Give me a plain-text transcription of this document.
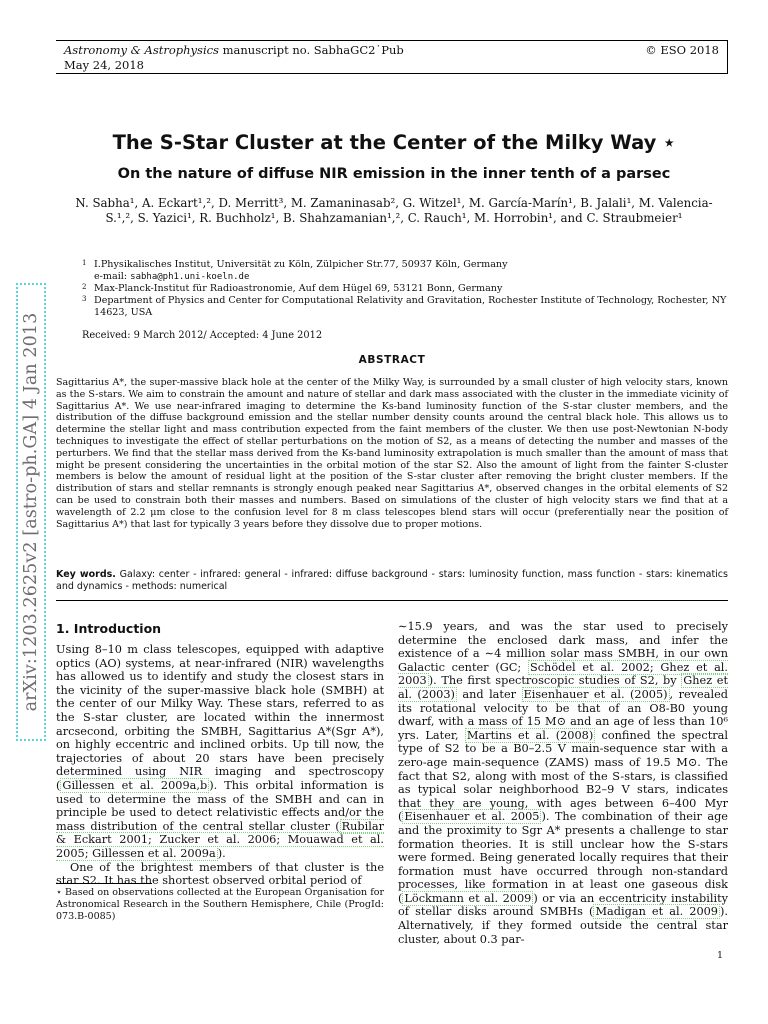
Astronomy & Astrophysics manuscript no. SabhaGC2˙Pub
May 24, 2018
© ESO 2018
arXiv:1203.2625v2 [astro-ph.GA] 4 Jan 2013
The S-Star Cluster at the Center of the Milky Way ⋆
On the nature of diffuse NIR emission in the inner tenth of a parsec

N. Sabha¹, A. Eckart¹,², D. Merritt³, M. Zamaninasab², G. Witzel¹, M. García-Marín¹, B. Jalali¹, M. Valencia-S.¹,², S. Yazici¹, R. Buchholz¹, B. Shahzamanian¹,², C. Rauch¹, M. Horrobin¹, and C. Straubmeier¹

1 I.Physikalisches Institut, Universität zu Köln, Zülpicher Str.77, 50937 Köln, Germany
e-mail: sabha@ph1.uni-koeln.de
2 Max-Planck-Institut für Radioastronomie, Auf dem Hügel 69, 53121 Bonn, Germany
3 Department of Physics and Center for Computational Relativity and Gravitation, Rochester Institute of Technology, Rochester, NY 14623, USA
Received: 9 March 2012/ Accepted: 4 June 2012
ABSTRACT

Sagittarius A*, the super-massive black hole at the center of the Milky Way, is surrounded by a small cluster of high velocity stars, known as the S-stars. We aim to constrain the amount and nature of stellar and dark mass associated with the cluster in the immediate vicinity of Sagittarius A*. We use near-infrared imaging to determine the Ks-band luminosity function of the S-star cluster members, and the distribution of the diffuse background emission and the stellar number density counts around the central black hole. This allows us to determine the stellar light and mass contribution expected from the faint members of the cluster. We then use post-Newtonian N-body techniques to investigate the effect of stellar perturbations on the motion of S2, as a means of detecting the number and masses of the perturbers. We find that the stellar mass derived from the Ks-band luminosity extrapolation is much smaller than the amount of mass that might be present considering the uncertainties in the orbital motion of the star S2. Also the amount of light from the fainter S-cluster members is below the amount of residual light at the position of the S-star cluster after removing the bright cluster members. If the distribution of stars and stellar remnants is strongly enough peaked near Sagittarius A*, observed changes in the orbital elements of S2 can be used to constrain both their masses and numbers. Based on simulations of the cluster of high velocity stars we find that at a wavelength of 2.2 μm close to the confusion level for 8 m class telescopes blend stars will occur (preferentially near the position of Sagittarius A*) that last for typically 3 years before they dissolve due to proper motions.

Key words. Galaxy: center - infrared: general - infrared: diffuse background - stars: luminosity function, mass function - stars: kinematics and dynamics - methods: numerical

1. Introduction

Using 8–10 m class telescopes, equipped with adaptive optics (AO) systems, at near-infrared (NIR) wavelengths has allowed us to identify and study the closest stars in the vicinity of the super-massive black hole (SMBH) at the center of our Milky Way. These stars, referred to as the S-star cluster, are located within the innermost arcsecond, orbiting the SMBH, Sagittarius A*(Sgr A*), on highly eccentric and inclined orbits. Up till now, the trajectories of about 20 stars have been precisely determined using NIR imaging and spectroscopy ( Gillessen et al. 2009a,b ). This orbital information is used to determine the mass of the SMBH and can in principle be used to detect relativistic effects and/or the mass distribution of the central stellar cluster ( Rubilar & Eckart 2001; Zucker et al. 2006; Mouawad et al. 2005; Gillessen et al. 2009a ).

One of the brightest members of that cluster is the star S2. It has the shortest observed orbital period of

∼15.9 years, and was the star used to precisely determine the enclosed dark mass, and infer the existence of a ∼4 million solar mass SMBH, in our own Galactic center (GC; Schödel et al. 2002; Ghez et al. 2003 ). The first spectroscopic studies of S2, by Ghez et al. (2003) and later Eisenhauer et al. (2005) , revealed its rotational velocity to be that of an O8-B0 young dwarf, with a mass of 15 M⊙ and an age of less than 10⁶ yrs. Later, Martins et al. (2008) confined the spectral type of S2 to be a B0–2.5 V main-sequence star with a zero-age main-sequence (ZAMS) mass of 19.5 M⊙. The fact that S2, along with most of the S-stars, is classified as typical solar neighborhood B2–9 V stars, indicates that they are young, with ages between 6–400 Myr ( Eisenhauer et al. 2005 ). The combination of their age and the proximity to Sgr A* presents a challenge to star formation theories. It is still unclear how the S-stars were formed. Being generated locally requires that their formation must have occurred through non-standard processes, like formation in at least one gaseous disk ( Löckmann et al. 2009 ) or via an eccentricity instability of stellar disks around SMBHs ( Madigan et al. 2009 ). Alternatively, if they formed outside the central star cluster, about 0.3 par-

⋆ Based on observations collected at the European Organisation for Astronomical Research in the Southern Hemisphere, Chile (ProgId: 073.B-0085)
1
